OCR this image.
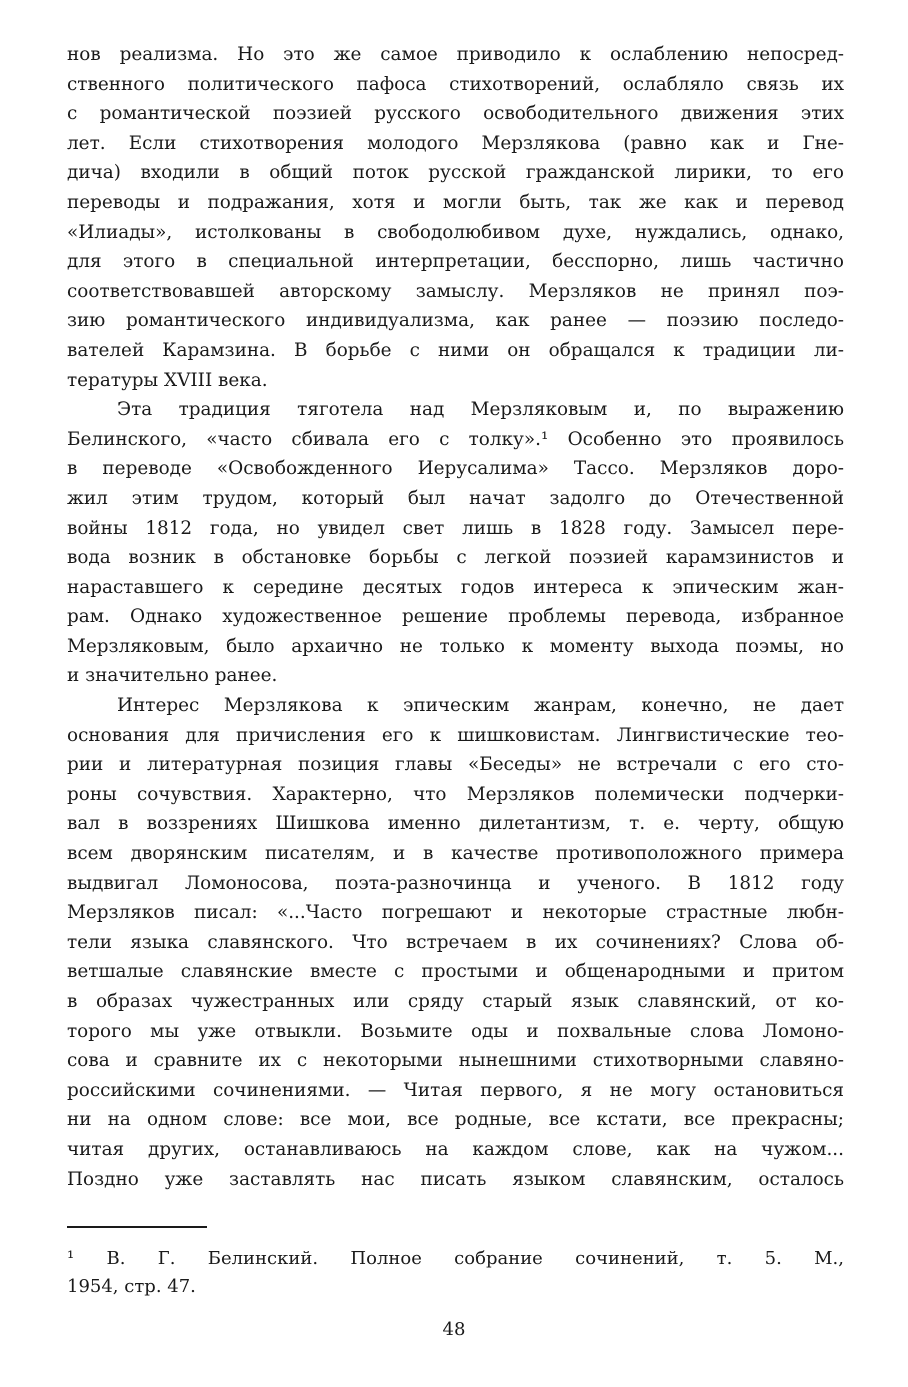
нов реализма. Но это же самое приводило к ослаблению непосред-
ственного политического пафоса стихотворений, ослабляло связь их
с романтической поэзией русского освободительного движения этих
лет. Если стихотворения молодого Мерзлякова (равно как и Гне-
дича) входили в общий поток русской гражданской лирики, то его
переводы и подражания, хотя и могли быть, так же как и перевод
«Илиады», истолкованы в свободолюбивом духе, нуждались, однако,
для этого в специальной интерпретации, бесспорно, лишь частично
соответствовавшей авторскому замыслу. Мерзляков не принял поэ-
зию романтического индивидуализма, как ранее — поэзию последо-
вателей Карамзина. В борьбе с ними он обращался к традиции ли-
тературы XVIII века.
Эта традиция тяготела над Мерзляковым и, по выражению
Белинского, «часто сбивала его с толку».¹ Особенно это проявилось
в переводе «Освобожденного Иерусалима» Тассо. Мерзляков доро-
жил этим трудом, который был начат задолго до Отечественной
войны 1812 года, но увидел свет лишь в 1828 году. Замысел пере-
вода возник в обстановке борьбы с легкой поэзией карамзинистов и
нараставшего к середине десятых годов интереса к эпическим жан-
рам. Однако художественное решение проблемы перевода, избранное
Мерзляковым, было архаично не только к моменту выхода поэмы, но
и значительно ранее.
Интерес Мерзлякова к эпическим жанрам, конечно, не дает
основания для причисления его к шишковистам. Лингвистические тео-
рии и литературная позиция главы «Беседы» не встречали с его сто-
роны сочувствия. Характерно, что Мерзляков полемически подчерки-
вал в воззрениях Шишкова именно дилетантизм, т. е. черту, общую
всем дворянским писателям, и в качестве противоположного примера
выдвигал Ломоносова, поэта-разночинца и ученого. В 1812 году
Мерзляков писал: «...Часто погрешают и некоторые страстные любн-
тели языка славянского. Что встречаем в их сочинениях? Слова об-
ветшалые славянские вместе с простыми и общенародными и притом
в образах чужестранных или сряду старый язык славянский, от ко-
торого мы уже отвыкли. Возьмите оды и похвальные слова Ломоно-
сова и сравните их с некоторыми нынешними стихотворными славяно-
российскими сочинениями. — Читая первого, я не могу остановиться
ни на одном слове: все мои, все родные, все кстати, все прекрасны;
читая других, останавливаюсь на каждом слове, как на чужом...
Поздно уже заставлять нас писать языком славянским, осталось
¹ В. Г. Белинский. Полное собрание сочинений, т. 5. М.,
1954, стр. 47.
48
